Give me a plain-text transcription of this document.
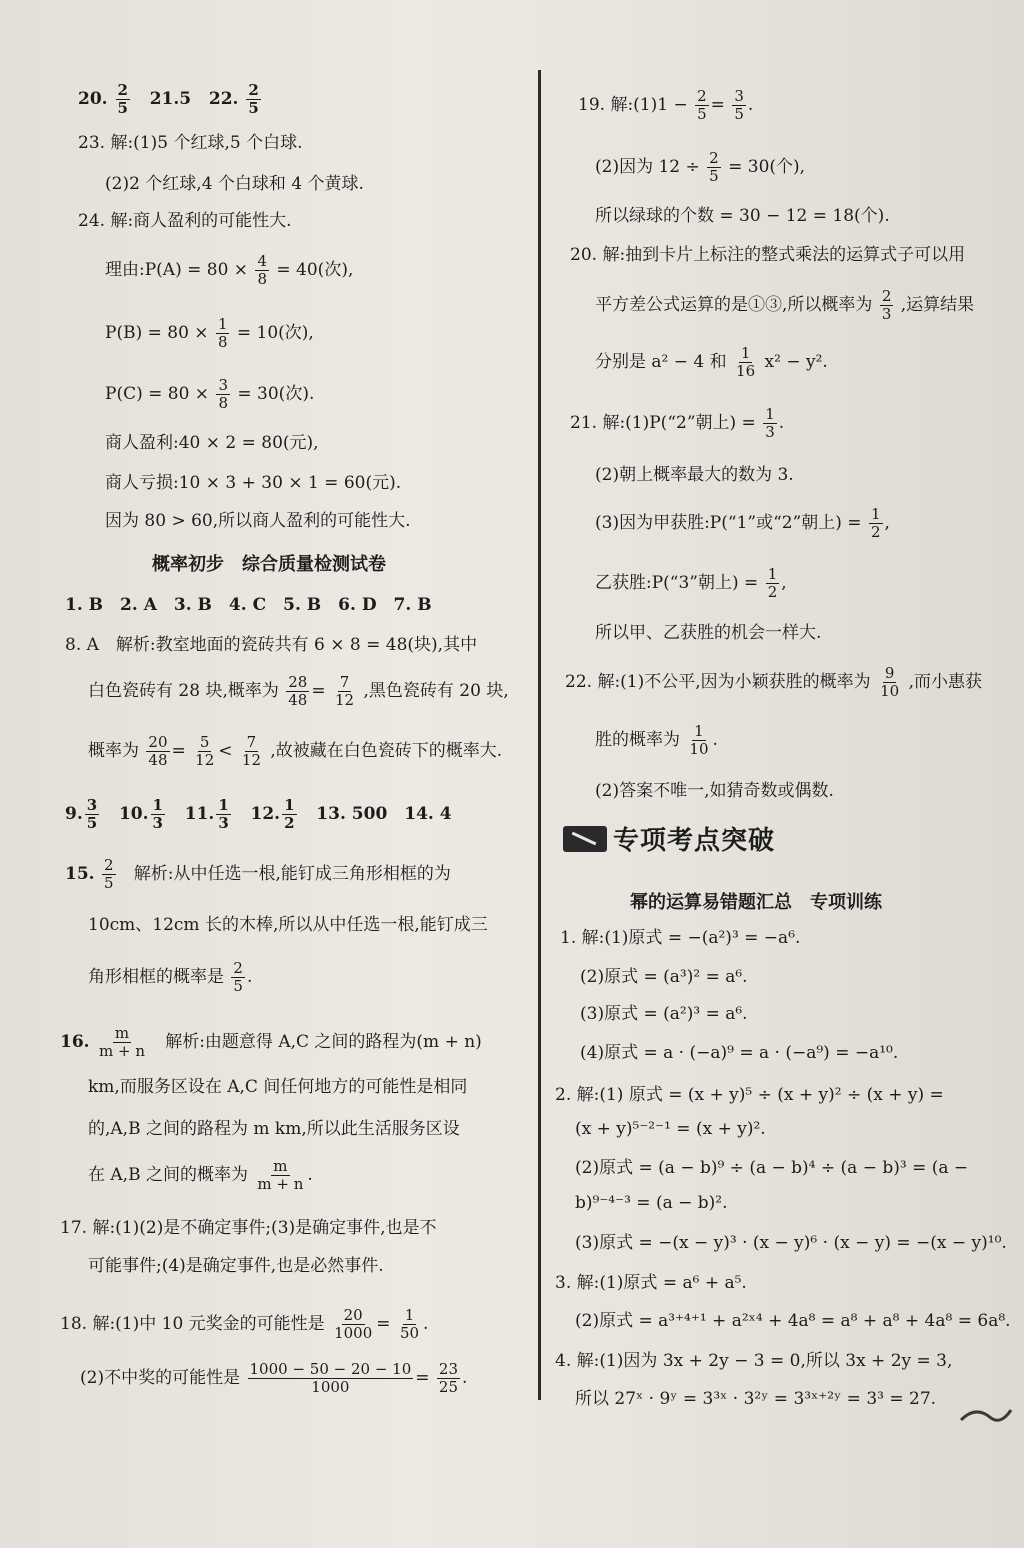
20. $\frac{2}{5} 21.5$ 22. $\frac{2}{5}$
23. 解:(1)5 个红球,5 个白球.
(2)2 个红球,4 个白球和 4 个黄球.
24. 解:商人盈利的可能性大.
理由:P(A) = $80 \times \frac{4}{8} = 40$(次),
$P(B) = 80 \times \frac{1}{8} = 10$(次),
$P(C) = 80 \times \frac{3}{8} = 30$(次).
商人盈利:40 × 2 = 80(元),
商人亏损:10 × 3 + 30 × 1 = 60(元).
因为 80 > 60,所以商人盈利的可能性大.
概率初步　综合质量检测试卷
1. B　2. A　3. B　4. C　5. B　6. D　7. B
8. A　解析:教室地面的瓷砖共有 6 × 8 = 48(块),其中
白色瓷砖有 28 块,概率为 $\frac{28}{48} = \frac{7}{12}$ ,黑色瓷砖有 20 块,
概率为 $\frac{20}{48} = \frac{5}{12} < \frac{7}{12}$ ,故被藏在白色瓷砖下的概率大.
9. $\frac{3}{5} 10$. $\frac{1}{3} 11$. $\frac{1}{3} 12$. $\frac{1}{2} 13$. 500　14. 4
15. $\frac{2}{5}$ 解析:从中任选一根,能钉成三角形相框的为
10cm、12cm 长的木棒,所以从中任选一根,能钉成三
角形相框的概率是 $\frac{2}{5}$ .
16. $\frac{m}{m + n}$ 解析:由题意得 A,C 之间的路程为(m + n)
km,而服务区设在 A,C 间任何地方的可能性是相同
的,A,B 之间的路程为 m km,所以此生活服务区设
在 A,B 之间的概率为 $\frac{m}{m + n}$ .
17. 解:(1)(2)是不确定事件;(3)是确定事件,也是不
可能事件;(4)是确定事件,也是必然事件.
18. 解:(1)中 10 元奖金的可能性是 $\frac{20}{1000} = \frac{1}{50}$ .
(2)不中奖的可能性是 $\frac{1000 - 50 - 20 - 10}{1000} = \frac{23}{25}$ .
19. 解:(1)1 − $\frac{2}{5} = \frac{3}{5}$ .
(2)因为 $12 \div \frac{2}{5} = 30$(个),
所以绿球的个数 = 30 − 12 = 18(个).
20. 解:抽到卡片上标注的整式乘法的运算式子可以用
平方差公式运算的是①③,所以概率为 $\frac{2}{3}$ ,运算结果
分别是 a² − 4 和 $\frac{1}{16} x^2 - y^2$.
21. 解:(1)P(“2”朝上) = $\frac{1}{3}$ .
(2)朝上概率最大的数为 3.
(3)因为甲获胜:P(“1”或“2”朝上) = $\frac{1}{2}$ ,
乙获胜:P(“3”朝上) = $\frac{1}{2}$ ,
所以甲、乙获胜的机会一样大.
22. 解:(1)不公平,因为小颖获胜的概率为 $\frac{9}{10}$ ,而小惠获
胜的概率为 $\frac{1}{10}$ .
(2)答案不唯一,如猜奇数或偶数.
专项考点突破
幂的运算易错题汇总　专项训练
1. 解:(1)原式 = −(a²)³ = −a⁶.
(2)原式 = (a³)² = a⁶.
(3)原式 = (a²)³ = a⁶.
(4)原式 = a · (−a)⁹ = a · (−a⁹) = −a¹⁰.
2. 解:(1) 原式 = (x + y)⁵ ÷ (x + y)² ÷ (x + y) =
(x + y)⁵⁻²⁻¹ = (x + y)².
(2)原式 = (a − b)⁹ ÷ (a − b)⁴ ÷ (a − b)³ = (a −
b)⁹⁻⁴⁻³ = (a − b)².
(3)原式 = −(x − y)³ · (x − y)⁶ · (x − y) = −(x − y)¹⁰.
3. 解:(1)原式 = a⁶ + a⁵.
(2)原式 = a³⁺⁴⁺¹ + a²ˣ⁴ + 4a⁸ = a⁸ + a⁸ + 4a⁸ = 6a⁸.
4. 解:(1)因为 3x + 2y − 3 = 0,所以 3x + 2y = 3,
所以 27ˣ · 9ʸ = 3³ˣ · 3²ʸ = 3³ˣ⁺²ʸ = 3³ = 27.
